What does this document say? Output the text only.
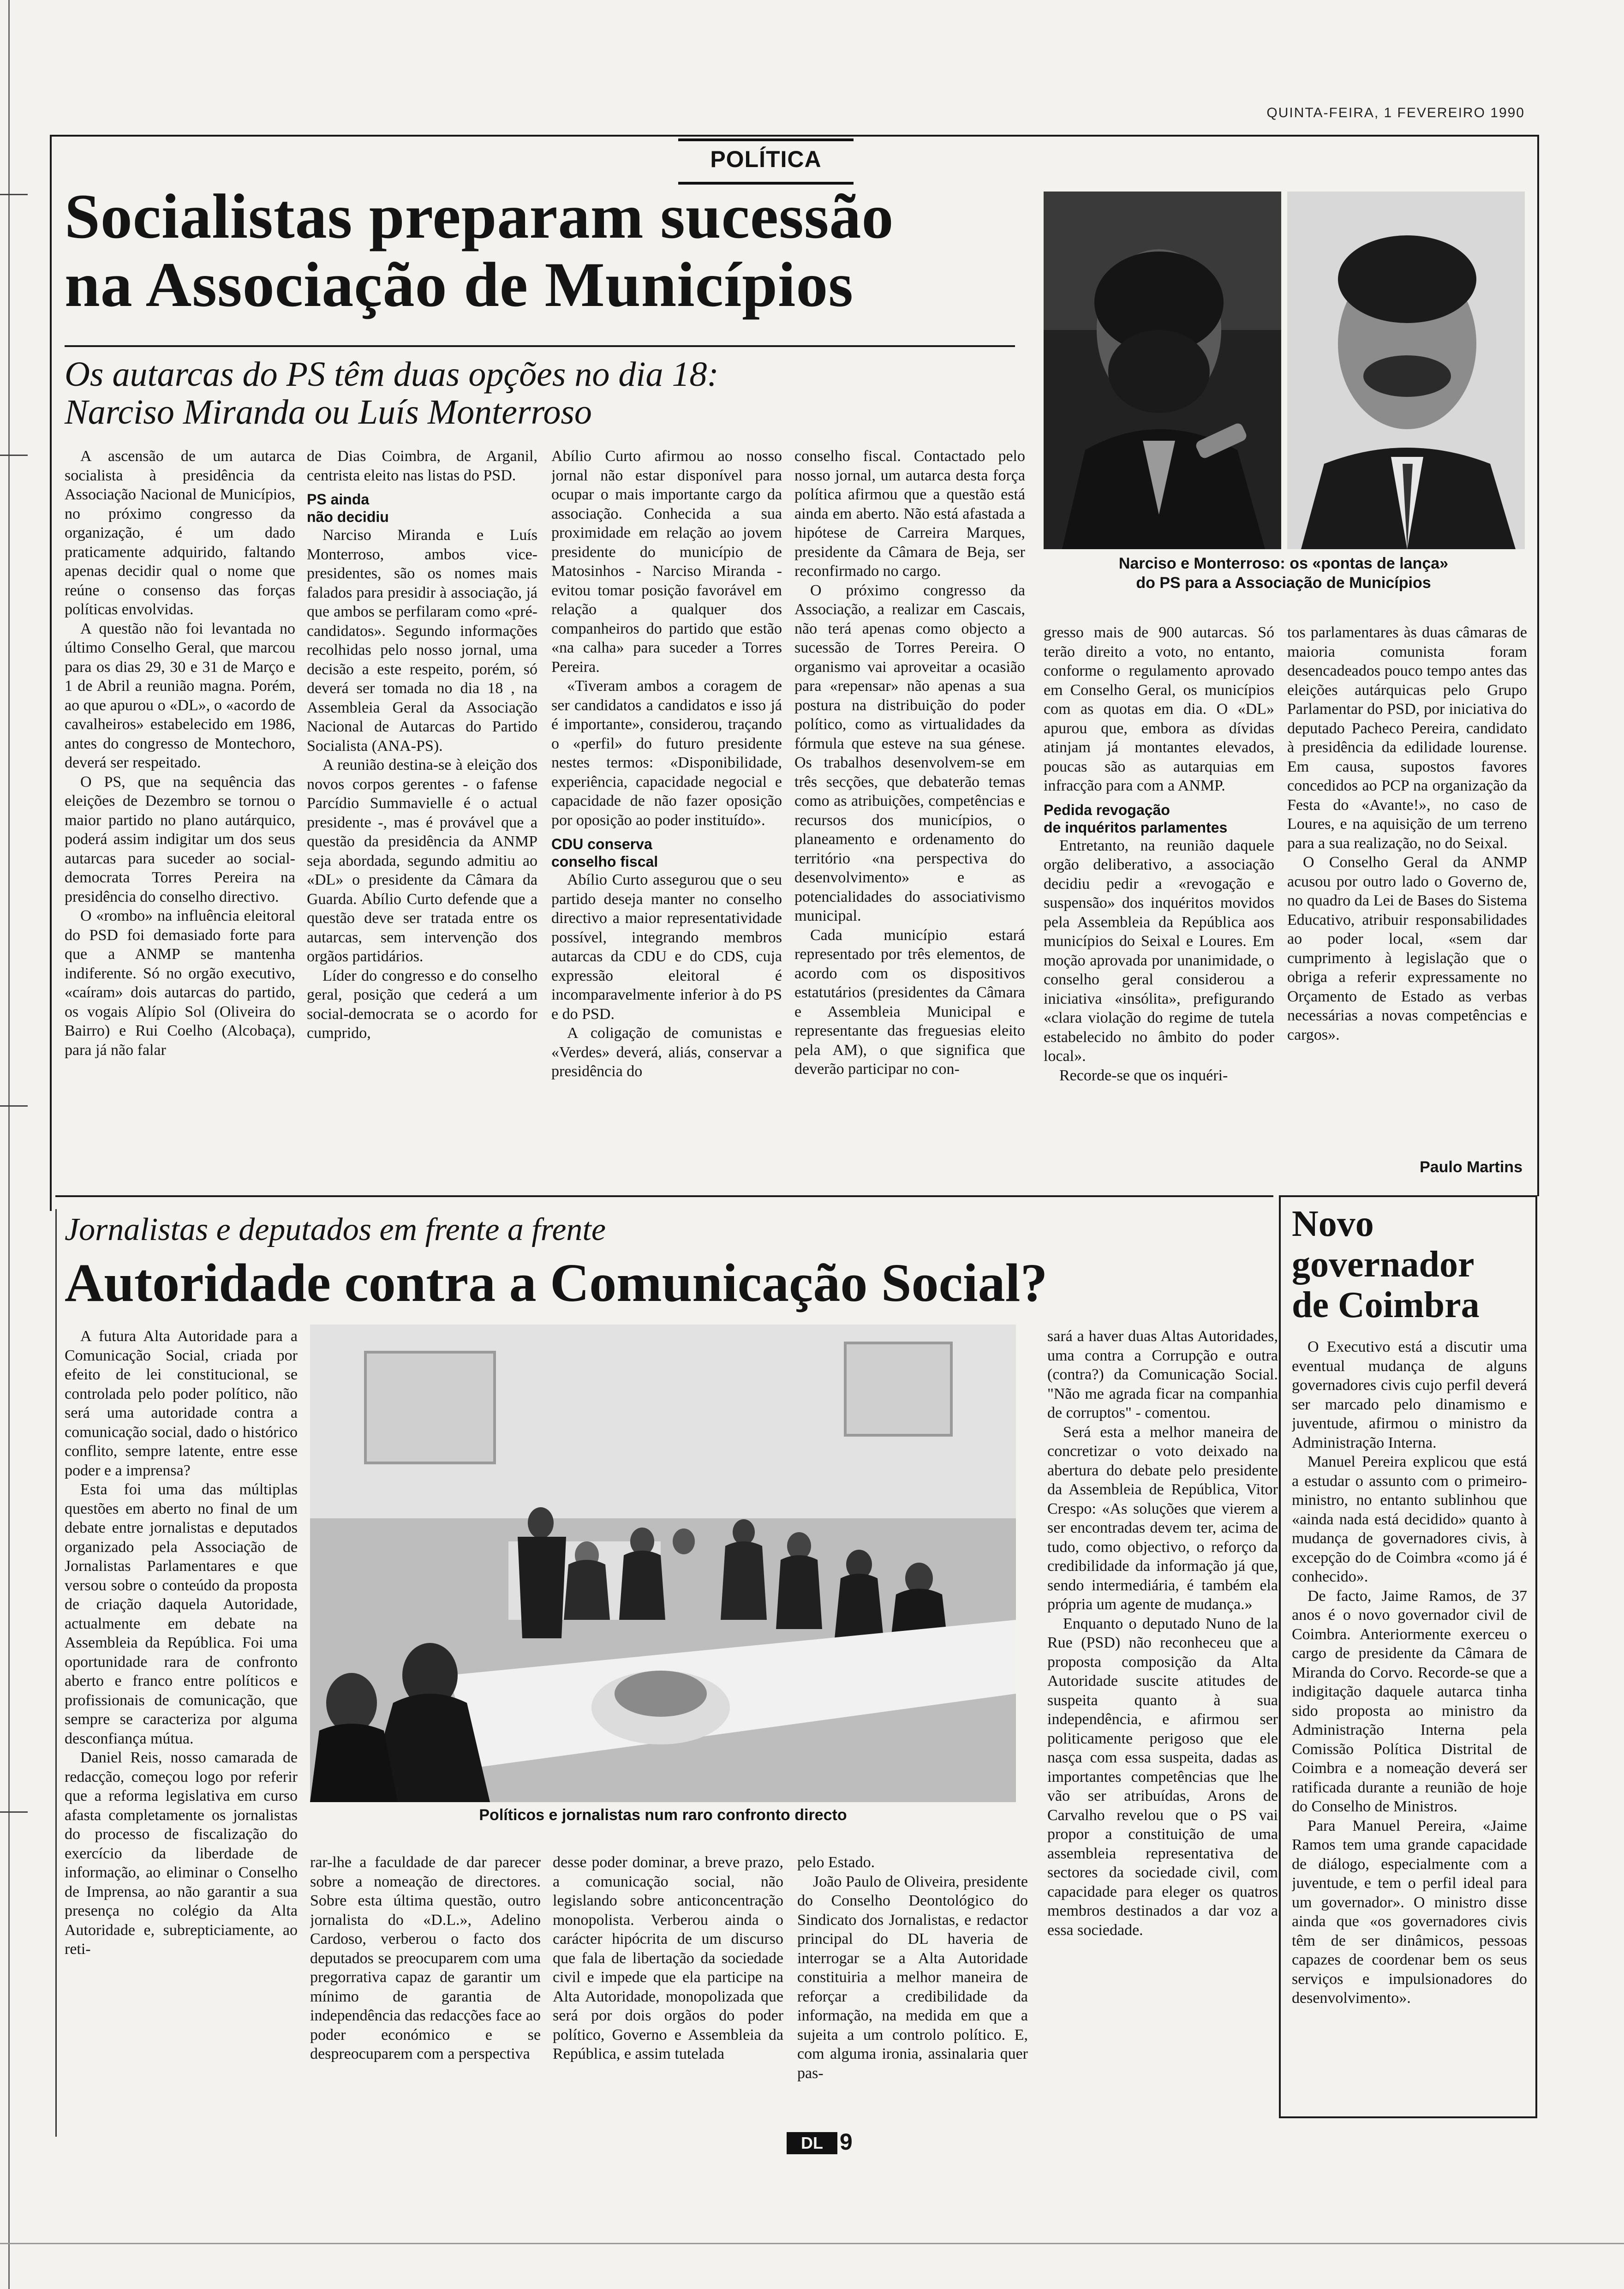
QUINTA-FEIRA, 1 FEVEREIRO 1990
POLÍTICA
Socialistas preparam sucessão
na Associação de Municípios
Os autarcas do PS têm duas opções no dia 18:
Narciso Miranda ou Luís Monterroso

A ascensão de um autarca socialista à presidência da Associação Nacional de Municípios, no próximo congresso da organização, é um dado praticamente adquirido, faltando apenas decidir qual o nome que reúne o consenso das forças políticas envolvidas.

A questão não foi levantada no último Conselho Geral, que marcou para os dias 29, 30 e 31 de Março e 1 de Abril a reunião magna. Porém, ao que apurou o «DL», o «acordo de cavalheiros» estabelecido em 1986, antes do congresso de Montechoro, deverá ser respeitado.

O PS, que na sequência das eleições de Dezembro se tornou o maior partido no plano autárquico, poderá assim indigitar um dos seus autarcas para suceder ao social-democrata Torres Pereira na presidência do conselho directivo.

O «rombo» na influência eleitoral do PSD foi demasiado forte para que a ANMP se mantenha indiferente. Só no orgão executivo, «caíram» dois autarcas do partido, os vogais Alípio Sol (Oliveira do Bairro) e Rui Coelho (Alcobaça), para já não falar

de Dias Coimbra, de Arganil, centrista eleito nas listas do PSD.

PS ainda
não decidiu

Narciso Miranda e Luís Monterroso, ambos vice-presidentes, são os nomes mais falados para presidir à associação, já que ambos se perfilaram como «pré-candidatos». Segundo informações recolhidas pelo nosso jornal, uma decisão a este respeito, porém, só deverá ser tomada no dia 18 , na Assembleia Geral da Associação Nacional de Autarcas do Partido Socialista (ANA-PS).

A reunião destina-se à eleição dos novos corpos gerentes - o fafense Parcídio Summavielle é o actual presidente -, mas é provável que a questão da presidência da ANMP seja abordada, segundo admitiu ao «DL» o presidente da Câmara da Guarda. Abílio Curto defende que a questão deve ser tratada entre os autarcas, sem intervenção dos orgãos partidários.

Líder do congresso e do conselho geral, posição que cederá a um social-democrata se o acordo for cumprido,

Abílio Curto afirmou ao nosso jornal não estar disponível para ocupar o mais importante cargo da associação. Conhecida a sua proximidade em relação ao jovem presidente do município de Matosinhos - Narciso Miranda - evitou tomar posição favorável em relação a qualquer dos companheiros do partido que estão «na calha» para suceder a Torres Pereira.

«Tiveram ambos a coragem de ser candidatos a candidatos e isso já é importante», considerou, traçando o «perfil» do futuro presidente nestes termos: «Disponibilidade, experiência, capacidade negocial e capacidade de não fazer oposição por oposição ao poder instituído».

CDU conserva
conselho fiscal

Abílio Curto assegurou que o seu partido deseja manter no conselho directivo a maior representatividade possível, integrando membros autarcas da CDU e do CDS, cuja expressão eleitoral é incomparavelmente inferior à do PS e do PSD.

A coligação de comunistas e «Verdes» deverá, aliás, conservar a presidência do

conselho fiscal. Contactado pelo nosso jornal, um autarca desta força política afirmou que a questão está ainda em aberto. Não está afastada a hipótese de Carreira Marques, presidente da Câmara de Beja, ser reconfirmado no cargo.

O próximo congresso da Associação, a realizar em Cascais, não terá apenas como objecto a sucessão de Torres Pereira. O organismo vai aproveitar a ocasião para «repensar» não apenas a sua postura na distribuição do poder político, como as virtualidades da fórmula que esteve na sua génese. Os trabalhos desenvolvem-se em três secções, que debaterão temas como as atribuições, competências e recursos dos municípios, o planeamento e ordenamento do território «na perspectiva do desenvolvimento» e as potencialidades do associativismo municipal.

Cada município estará representado por três elementos, de acordo com os dispositivos estatutários (presidentes da Câmara e Assembleia Municipal e representante das freguesias eleito pela AM), o que significa que deverão participar no con-

Narciso e Monterroso: os «pontas de lança»
do PS para a Associação de Municípios

gresso mais de 900 autarcas. Só terão direito a voto, no entanto, conforme o regulamento aprovado em Conselho Geral, os municípios com as quotas em dia. O «DL» apurou que, embora as dívidas atinjam já montantes elevados, poucas são as autarquias em infracção para com a ANMP.

Pedida revogação
de inquéritos parlamentes

Entretanto, na reunião daquele orgão deliberativo, a associação decidiu pedir a «revogação e suspensão» dos inquéritos movidos pela Assembleia da República aos municípios do Seixal e Loures. Em moção aprovada por unanimidade, o conselho geral considerou a iniciativa «insólita», prefigurando «clara violação do regime de tutela estabelecido no âmbito do poder local».

Recorde-se que os inquéri-

tos parlamentares às duas câmaras de maioria comunista foram desencadeados pouco tempo antes das eleições autárquicas pelo Grupo Parlamentar do PSD, por iniciativa do deputado Pacheco Pereira, candidato à presidência da edilidade lourense. Em causa, supostos favores concedidos ao PCP na organização da Festa do «Avante!», no caso de Loures, e na aquisição de um terreno para a sua realização, no do Seixal.

O Conselho Geral da ANMP acusou por outro lado o Governo de, no quadro da Lei de Bases do Sistema Educativo, atribuir responsabilidades ao poder local, «sem dar cumprimento à legislação que o obriga a referir expressamente no Orçamento de Estado as verbas necessárias a novas competências e cargos».

Paulo Martins
Jornalistas e deputados em frente a frente
Autoridade contra a Comunicação Social?

A futura Alta Autoridade para a Comunicação Social, criada por efeito de lei constitucional, se controlada pelo poder político, não será uma autoridade contra a comunicação social, dado o histórico conflito, sempre latente, entre esse poder e a imprensa?

Esta foi uma das múltiplas questões em aberto no final de um debate entre jornalistas e deputados organizado pela Associação de Jornalistas Parlamentares e que versou sobre o conteúdo da proposta de criação daquela Autoridade, actualmente em debate na Assembleia da República. Foi uma oportunidade rara de confronto aberto e franco entre políticos e profissionais de comunicação, que sempre se caracteriza por alguma desconfiança mútua.

Daniel Reis, nosso camarada de redacção, começou logo por referir que a reforma legislativa em curso afasta completamente os jornalistas do processo de fiscalização do exercício da liberdade de informação, ao eliminar o Conselho de Imprensa, ao não garantir a sua presença no colégio da Alta Autoridade e, subrepticiamente, ao reti-

Políticos e jornalistas num raro confronto directo

rar-lhe a faculdade de dar parecer sobre a nomeação de directores. Sobre esta última questão, outro jornalista do «D.L.», Adelino Cardoso, verberou o facto dos deputados se preocuparem com uma pregorrativa capaz de garantir um mínimo de garantia de independência das redacções face ao poder económico e se despreocuparem com a perspectiva

desse poder dominar, a breve prazo, a comunicação social, não legislando sobre anticoncentração monopolista. Verberou ainda o carácter hipócrita de um discurso que fala de libertação da sociedade civil e impede que ela participe na Alta Autoridade, monopolizada que será por dois orgãos do poder político, Governo e Assembleia da República, e assim tutelada

pelo Estado.

João Paulo de Oliveira, presidente do Conselho Deontológico do Sindicato dos Jornalistas, e redactor principal do DL haveria de interrogar se a Alta Autoridade constituiria a melhor maneira de reforçar a credibilidade da informação, na medida em que a sujeita a um controlo político. E, com alguma ironia, assinalaria quer pas-

sará a haver duas Altas Autoridades, uma contra a Corrupção e outra (contra?) da Comunicação Social. "Não me agrada ficar na companhia de corruptos" - comentou.

Será esta a melhor maneira de concretizar o voto deixado na abertura do debate pelo presidente da Assembleia de República, Vitor Crespo: «As soluções que vierem a ser encontradas devem ter, acima de tudo, como objectivo, o reforço da credibilidade da informação já que, sendo intermediária, é também ela própria um agente de mudança.»

Enquanto o deputado Nuno de la Rue (PSD) não reconheceu que a proposta composição da Alta Autoridade suscite atitudes de suspeita quanto à sua independência, e afirmou ser politicamente perigoso que ele nasça com essa suspeita, dadas as importantes competências que lhe vão ser atribuídas, Arons de Carvalho revelou que o PS vai propor a constituição de uma assembleia representativa de sectores da sociedade civil, com capacidade para eleger os quatros membros destinados a dar voz a essa sociedade.

Novo
governador
de Coimbra

O Executivo está a discutir uma eventual mudança de alguns governadores civis cujo perfil deverá ser marcado pelo dinamismo e juventude, afirmou o ministro da Administração Interna.

Manuel Pereira explicou que está a estudar o assunto com o primeiro-ministro, no entanto sublinhou que «ainda nada está decidido» quanto à mudança de governadores civis, à excepção do de Coimbra «como já é conhecido».

De facto, Jaime Ramos, de 37 anos é o novo governador civil de Coimbra. Anteriormente exerceu o cargo de presidente da Câmara de Miranda do Corvo. Recorde-se que a indigitação daquele autarca tinha sido proposta ao ministro da Administração Interna pela Comissão Política Distrital de Coimbra e a nomeação deverá ser ratificada durante a reunião de hoje do Conselho de Ministros.

Para Manuel Pereira, «Jaime Ramos tem uma grande capacidade de diálogo, especialmente com a juventude, e tem o perfil ideal para um governador». O ministro disse ainda que «os governadores civis têm de ser dinâmicos, pessoas capazes de coordenar bem os seus serviços e impulsionadores do desenvolvimento».

DL 9
